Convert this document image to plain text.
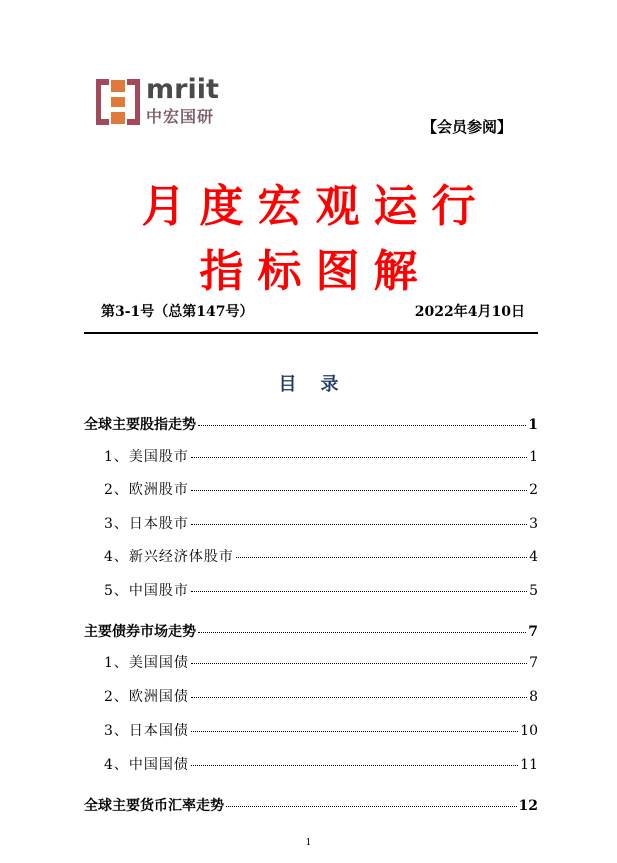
mriit
中宏国研
【会员参阅】
月度宏观运行
指标图解
第3-1号（总第147号）	2022年4月10日
目录
全球主要股指走势	1
1、美国股市	1
2、欧洲股市	2
3、日本股市	3
4、新兴经济体股市	4
5、中国股市	5
主要债券市场走势	7
1、美国国债	7
2、欧洲国债	8
3、日本国债	10
4、中国国债	11
全球主要货币汇率走势	12
1
